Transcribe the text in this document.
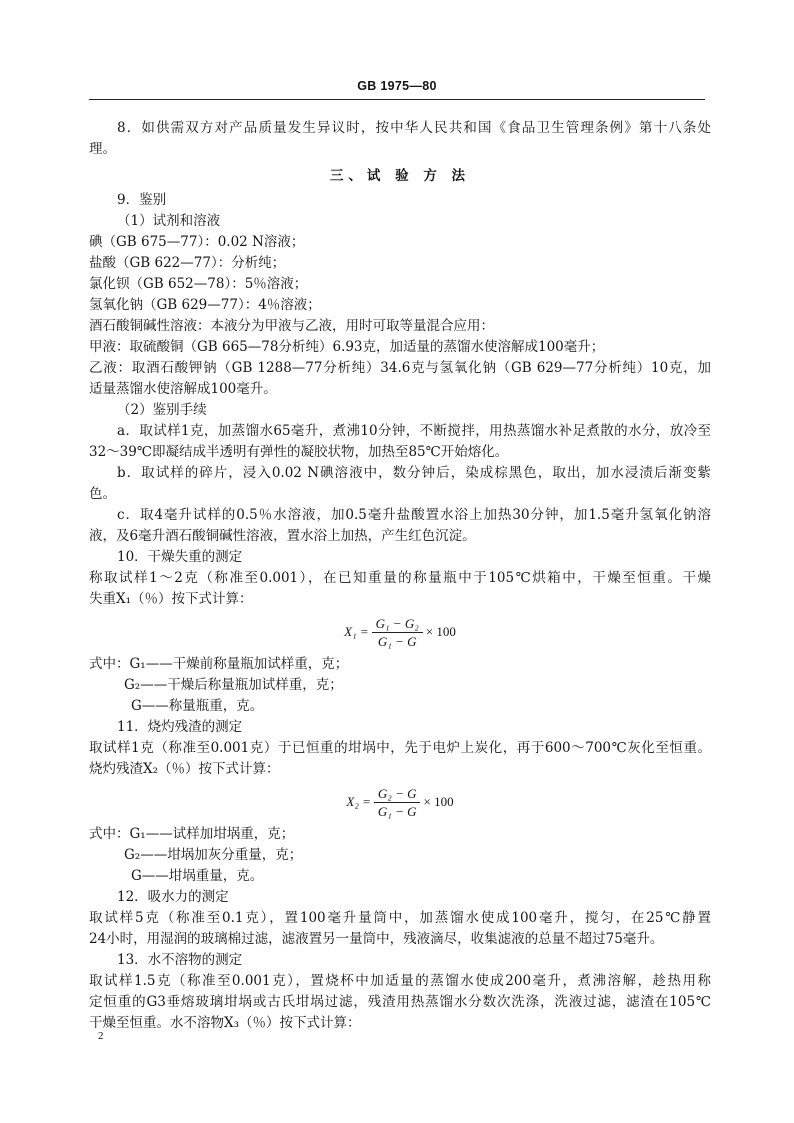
GB 1975—80
8．如供需双方对产品质量发生异议时，按中华人民共和国《食品卫生管理条例》第十八条处
理。
三、试 验 方 法
9．鉴别
（1）试剂和溶液
碘（GB 675—77）：0.02 N溶液；
盐酸（GB 622—77）：分析纯；
氯化钡（GB 652—78）：5％溶液；
氢氧化钠（GB 629—77）：4％溶液；
酒石酸铜碱性溶液：本液分为甲液与乙液，用时可取等量混合应用：
甲液：取硫酸铜（GB 665—78分析纯）6.93克，加适量的蒸馏水使溶解成100毫升；
乙液：取酒石酸钾钠（GB 1288—77分析纯）34.6克与氢氧化钠（GB 629—77分析纯）10克，加
适量蒸馏水使溶解成100毫升。
（2）鉴别手续
a．取试样1克，加蒸馏水65毫升，煮沸10分钟，不断搅拌，用热蒸馏水补足煮散的水分，放冷至
32～39℃即凝结成半透明有弹性的凝胶状物，加热至85℃开始熔化。
b．取试样的碎片，浸入0.02 N碘溶液中，数分钟后，染成棕黑色，取出，加水浸渍后渐变紫
色。
c．取4毫升试样的0.5％水溶液，加0.5毫升盐酸置水浴上加热30分钟，加1.5毫升氢氧化钠溶
液，及6毫升酒石酸铜碱性溶液，置水浴上加热，产生红色沉淀。
10．干燥失重的测定
称取试样1～2克（称准至0.001），在已知重量的称量瓶中于105℃烘箱中，干燥至恒重。干燥
失重X₁（％）按下式计算：
$X_1 = \frac{\text{G₁ − G₂}}{\text{G₁ − G}} \times 100$
式中：G₁——干燥前称量瓶加试样重，克；
G₂——干燥后称量瓶加试样重，克；
G——称量瓶重，克。
11．烧灼残渣的测定
取试样1克（称准至0.001克）于已恒重的坩埚中，先于电炉上炭化，再于600～700℃灰化至恒重。
烧灼残渣X₂（％）按下式计算：
$X_2 = \frac{\text{G₂ − G}}{\text{G₁ − G}} \times 100$
式中：G₁——试样加坩埚重，克；
G₂——坩埚加灰分重量，克；
G——坩埚重量，克。
12．吸水力的测定
取试样5克（称准至0.1克），置100毫升量筒中，加蒸馏水使成100毫升，搅匀，在25℃静置
24小时，用湿润的玻璃棉过滤，滤液置另一量筒中，残液滴尽，收集滤液的总量不超过75毫升。
13．水不溶物的测定
取试样1.5克（称准至0.001克），置烧杯中加适量的蒸馏水使成200毫升，煮沸溶解，趁热用称
定恒重的G3垂熔玻璃坩埚或古氏坩埚过滤，残渣用热蒸馏水分数次洗涤，洗液过滤，滤渣在105℃
干燥至恒重。水不溶物X₃（％）按下式计算：
2
